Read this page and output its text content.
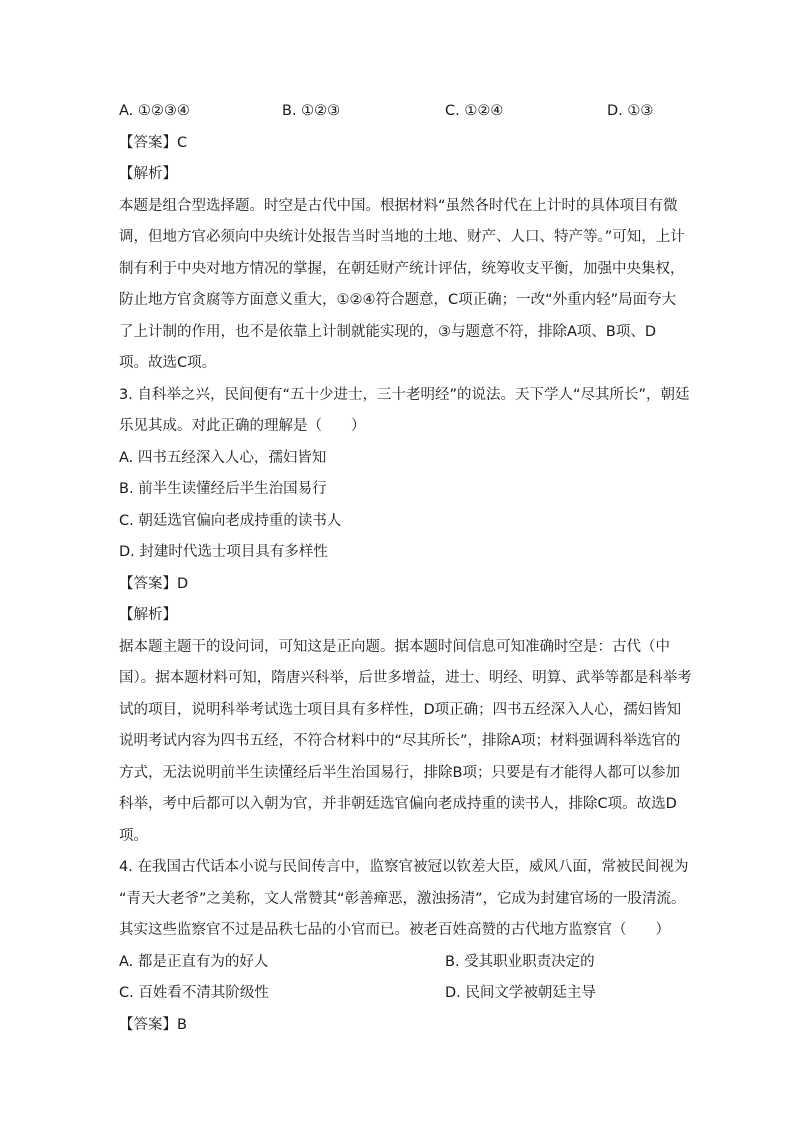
A. ①②③④	B. ①②③	C. ①②④	D. ①③
【答案】C
【解析】
本题是组合型选择题。时空是古代中国。根据材料“虽然各时代在上计时的具体项目有微
调，但地方官必须向中央统计处报告当时当地的土地、财产、人口、特产等。”可知，上计
制有利于中央对地方情况的掌握，在朝廷财产统计评估，统筹收支平衡，加强中央集权，
防止地方官贪腐等方面意义重大，①②④符合题意，C项正确；一改“外重内轻”局面夸大
了上计制的作用，也不是依靠上计制就能实现的，③与题意不符，排除A项、B项、D
项。故选C项。
3. 自科举之兴，民间便有“五十少进士，三十老明经”的说法。天下学人“尽其所长”，朝廷
乐见其成。对此正确的理解是（　　）
A. 四书五经深入人心，孺妇皆知
B. 前半生读懂经后半生治国易行
C. 朝廷选官偏向老成持重的读书人
D. 封建时代选士项目具有多样性
【答案】D
【解析】
据本题主题干的设问词，可知这是正向题。据本题时间信息可知准确时空是：古代（中
国）。据本题材料可知，隋唐兴科举，后世多增益，进士、明经、明算、武举等都是科举考
试的项目，说明科举考试选士项目具有多样性，D项正确；四书五经深入人心，孺妇皆知
说明考试内容为四书五经，不符合材料中的“尽其所长”，排除A项；材料强调科举选官的
方式，无法说明前半生读懂经后半生治国易行，排除B项；只要是有才能得人都可以参加
科举，考中后都可以入朝为官，并非朝廷选官偏向老成持重的读书人，排除C项。故选D
项。
4. 在我国古代话本小说与民间传言中，监察官被冠以钦差大臣，威风八面，常被民间视为
“青天大老爷”之美称，文人常赞其“彰善瘅恶，激浊扬清”，它成为封建官场的一股清流。
其实这些监察官不过是品秩七品的小官而已。被老百姓高赞的古代地方监察官（　　）
A. 都是正直有为的好人	B. 受其职业职责决定的
C. 百姓看不清其阶级性	D. 民间文学被朝廷主导
【答案】B
